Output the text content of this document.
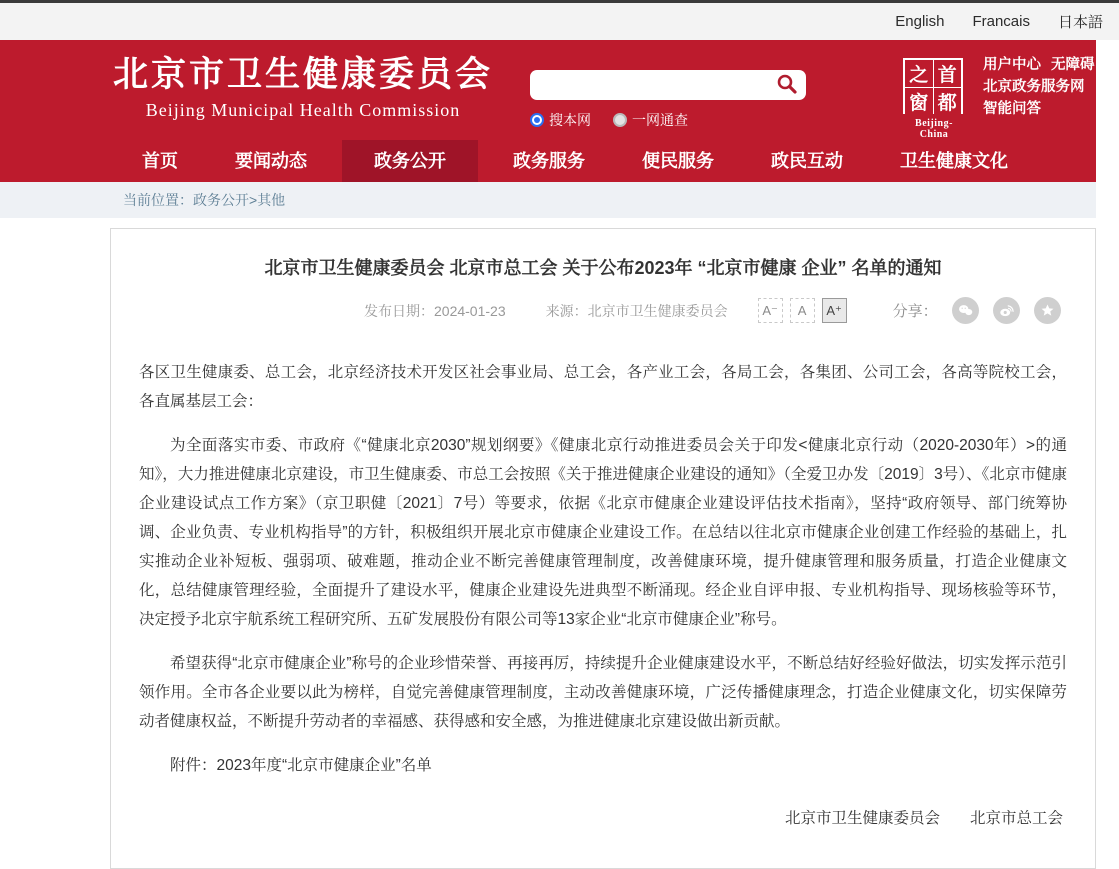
English Francais 日本語
北京市卫生健康委员会
Beijing Municipal Health Commission	搜本网	一网通查
之 首
窗 都
Beijing-China
用户中心 无障碍
北京政务服务网
智能问答
首页	要闻动态	政务公开	政务服务	便民服务	政民互动	卫生健康文化
当前位置：政务公开>其他
北京市卫生健康委员会 北京市总工会 关于公布2023年 “北京市健康 企业” 名单的通知
发布日期：2024-01-23	来源：北京市卫生健康委员会	A⁻	A	A⁺	分享：

各区卫生健康委、总工会，北京经济技术开发区社会事业局、总工会，各产业工会，各局工会，各集团、公司工会，各高等院校工会，各直属基层工会：

为全面落实市委、市政府《“健康北京2030”规划纲要》《健康北京行动推进委员会关于印发<健康北京行动（2020-2030年）>的通知》，大力推进健康北京建设，市卫生健康委、市总工会按照《关于推进健康企业建设的通知》（全爱卫办发〔2019〕3号）、《北京市健康企业建设试点工作方案》（京卫职健〔2021〕7号）等要求，依据《北京市健康企业建设评估技术指南》，坚持“政府领导、部门统筹协调、企业负责、专业机构指导”的方针，积极组织开展北京市健康企业建设工作。在总结以往北京市健康企业创建工作经验的基础上，扎实推动企业补短板、强弱项、破难题，推动企业不断完善健康管理制度，改善健康环境，提升健康管理和服务质量，打造企业健康文化，总结健康管理经验，全面提升了建设水平，健康企业建设先进典型不断涌现。经企业自评申报、专业机构指导、现场核验等环节，决定授予北京宇航系统工程研究所、五矿发展股份有限公司等13家企业“北京市健康企业”称号。

希望获得“北京市健康企业”称号的企业珍惜荣誉、再接再厉，持续提升企业健康建设水平，不断总结好经验好做法，切实发挥示范引领作用。全市各企业要以此为榜样，自觉完善健康管理制度，主动改善健康环境，广泛传播健康理念，打造企业健康文化，切实保障劳动者健康权益，不断提升劳动者的幸福感、获得感和安全感，为推进健康北京建设做出新贡献。

附件：2023年度“北京市健康企业”名单

北京市卫生健康委员会 北京市总工会
